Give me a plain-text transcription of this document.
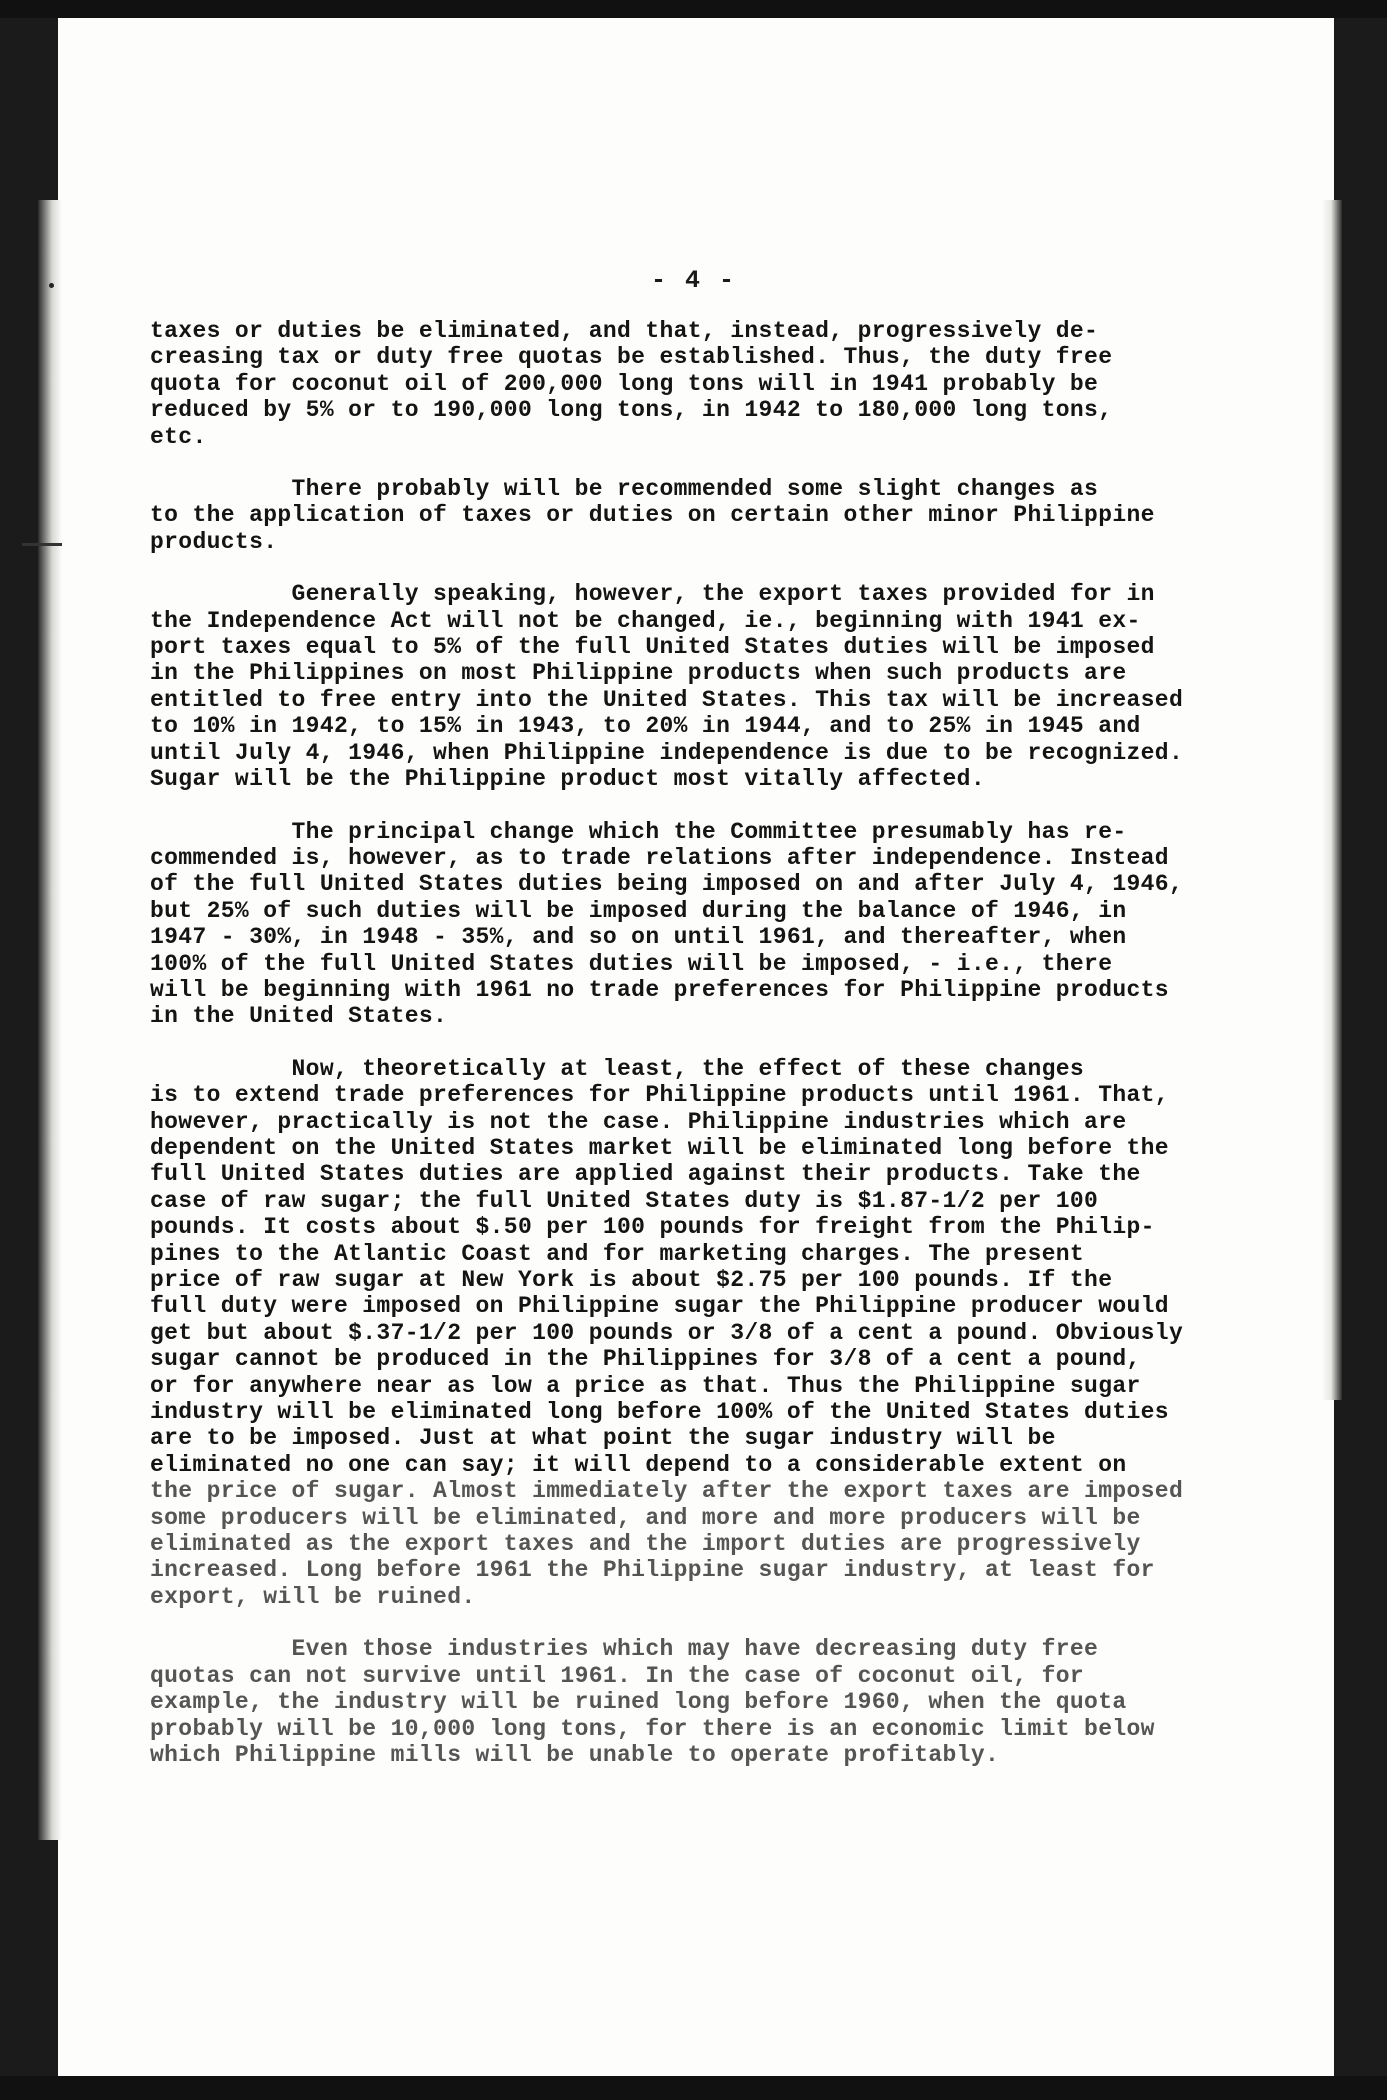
- 4 -
taxes or duties be eliminated, and that, instead, progressively de-
creasing tax or duty free quotas be established. Thus, the duty free
quota for coconut oil of 200,000 long tons will in 1941 probably be
reduced by 5% or to 190,000 long tons, in 1942 to 180,000 long tons,
etc.
There probably will be recommended some slight changes as
to the application of taxes or duties on certain other minor Philippine
products.
Generally speaking, however, the export taxes provided for in
the Independence Act will not be changed, ie., beginning with 1941 ex-
port taxes equal to 5% of the full United States duties will be imposed
in the Philippines on most Philippine products when such products are
entitled to free entry into the United States. This tax will be increased
to 10% in 1942, to 15% in 1943, to 20% in 1944, and to 25% in 1945 and
until July 4, 1946, when Philippine independence is due to be recognized.
Sugar will be the Philippine product most vitally affected.
The principal change which the Committee presumably has re-
commended is, however, as to trade relations after independence. Instead
of the full United States duties being imposed on and after July 4, 1946,
but 25% of such duties will be imposed during the balance of 1946, in
1947 - 30%, in 1948 - 35%, and so on until 1961, and thereafter, when
100% of the full United States duties will be imposed, - i.e., there
will be beginning with 1961 no trade preferences for Philippine products
in the United States.
Now, theoretically at least, the effect of these changes
is to extend trade preferences for Philippine products until 1961. That,
however, practically is not the case. Philippine industries which are
dependent on the United States market will be eliminated long before the
full United States duties are applied against their products. Take the
case of raw sugar; the full United States duty is $1.87-1/2 per 100
pounds. It costs about $.50 per 100 pounds for freight from the Philip-
pines to the Atlantic Coast and for marketing charges. The present
price of raw sugar at New York is about $2.75 per 100 pounds. If the
full duty were imposed on Philippine sugar the Philippine producer would
get but about $.37-1/2 per 100 pounds or 3/8 of a cent a pound. Obviously
sugar cannot be produced in the Philippines for 3/8 of a cent a pound,
or for anywhere near as low a price as that. Thus the Philippine sugar
industry will be eliminated long before 100% of the United States duties
are to be imposed. Just at what point the sugar industry will be
eliminated no one can say; it will depend to a considerable extent on
the price of sugar. Almost immediately after the export taxes are imposed
some producers will be eliminated, and more and more producers will be
eliminated as the export taxes and the import duties are progressively
increased. Long before 1961 the Philippine sugar industry, at least for
export, will be ruined.
Even those industries which may have decreasing duty free
quotas can not survive until 1961. In the case of coconut oil, for
example, the industry will be ruined long before 1960, when the quota
probably will be 10,000 long tons, for there is an economic limit below
which Philippine mills will be unable to operate profitably.
